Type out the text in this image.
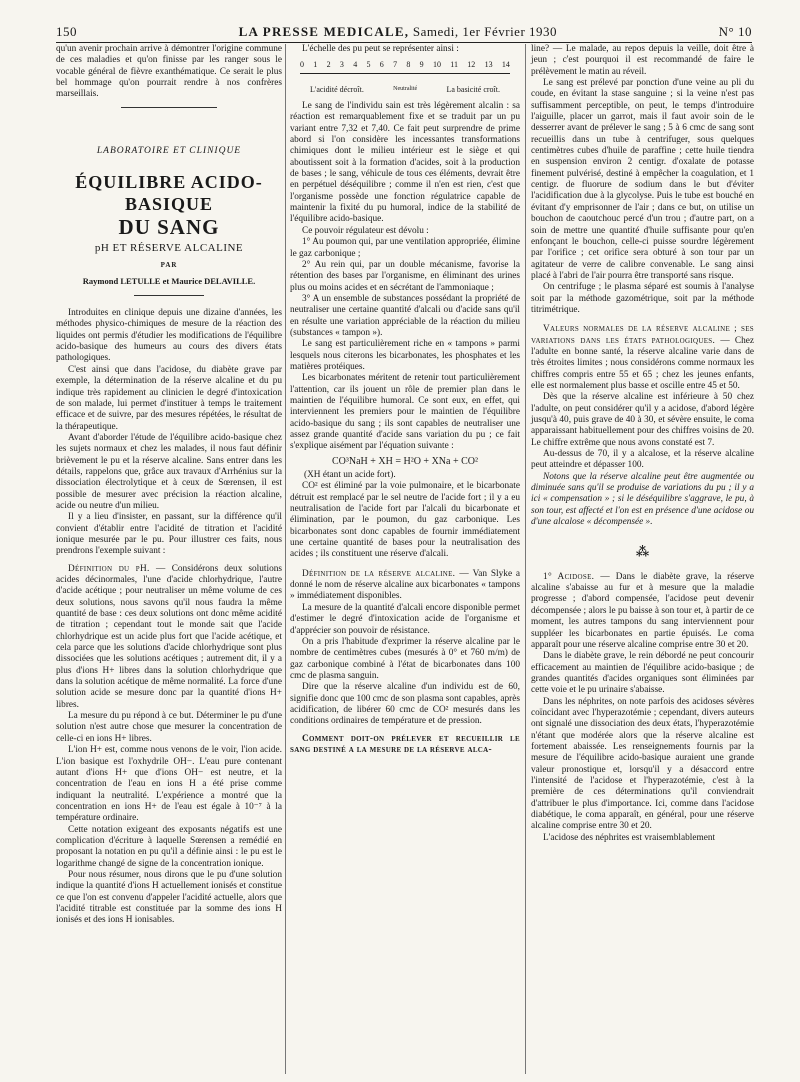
150	LA PRESSE MEDICALE, Samedi, 1er Février 1930	N° 10

qu'un avenir prochain arrive à démontrer l'origine commune de ces maladies et qu'on finisse par les ranger sous le vocable général de fièvre exanthématique. Ce serait le plus bel hommage qu'on pourrait rendre à nos confrères marseillais.

LABORATOIRE ET CLINIQUE
ÉQUILIBRE ACIDO-BASIQUE
DU SANG
pH ET RÉSERVE ALCALINE
PAR
Raymond LETULLE et Maurice DELAVILLE.

Introduites en clinique depuis une dizaine d'années, les méthodes physico-chimiques de mesure de la réaction des liquides ont permis d'étudier les modifications de l'équilibre acido-basique des humeurs au cours des divers états pathologiques.

C'est ainsi que dans l'acidose, du diabète grave par exemple, la détermination de la réserve alcaline et du pu indique très rapidement au clinicien le degré d'intoxication de son malade, lui permet d'instituer à temps le traitement efficace et de suivre, par des mesures répétées, le résultat de la thérapeutique.

Avant d'aborder l'étude de l'équilibre acido-basique chez les sujets normaux et chez les malades, il nous faut définir brièvement le pu et la réserve alcaline. Sans entrer dans les détails, rappelons que, grâce aux travaux d'Arrhénius sur la dissociation électrolytique et à ceux de Sœrensen, il est possible de mesurer avec précision la réaction alcaline, acide ou neutre d'un milieu.

Il y a lieu d'insister, en passant, sur la différence qu'il convient d'établir entre l'acidité de titration et l'acidité ionique mesurée par le pu. Pour illustrer ces faits, nous prendrons l'exemple suivant :

Définition du pH. — Considérons deux solutions acides décinormales, l'une d'acide chlorhydrique, l'autre d'acide acétique ; pour neutraliser un même volume de ces deux solutions, nous savons qu'il nous faudra la même quantité de base : ces deux solutions ont donc même acidité de titration ; cependant tout le monde sait que l'acide chlorhydrique est un acide plus fort que l'acide acétique, et cela parce que les solutions d'acide chlorhydrique sont plus dissociées que les solutions acétiques ; autrement dit, il y a plus d'ions H+ libres dans la solution chlorhydrique que dans la solution acétique de même normalité. La force d'une solution acide se mesure donc par la quantité d'ions H+ libres.

La mesure du pu répond à ce but. Déterminer le pu d'une solution n'est autre chose que mesurer la concentration de celle-ci en ions H+ libres.

L'ion H+ est, comme nous venons de le voir, l'ion acide. L'ion basique est l'oxhydrile OH−. L'eau pure contenant autant d'ions H+ que d'ions OH− est neutre, et la concentration de l'eau en ions H a été prise comme indiquant la neutralité. L'expérience a montré que la concentration en ions H+ de l'eau est égale à 10⁻⁷ à la température ordinaire.

Cette notation exigeant des exposants négatifs est une complication d'écriture à laquelle Sœrensen a remédié en proposant la notation en pu qu'il a définie ainsi : le pu est le logarithme changé de signe de la concentration ionique.

Pour nous résumer, nous dirons que le pu d'une solution indique la quantité d'ions H actuellement ionisés et constitue ce que l'on est convenu d'appeler l'acidité actuelle, alors que l'acidité titrable est constituée par la somme des ions H ionisés et des ions H ionisables.

L'échelle des pu peut se représenter ainsi :

0 1 2 3 4 5 6 7 8 9 10 11 12 13 14
L'acidité décroît.	Neutralité	La basicité croît.

Le sang de l'individu sain est très légèrement alcalin : sa réaction est remarquablement fixe et se traduit par un pu variant entre 7,32 et 7,40. Ce fait peut surprendre de prime abord si l'on considère les incessantes transformations chimiques dont le milieu intérieur est le siège et qui aboutissent soit à la formation d'acides, soit à la production de bases ; le sang, véhicule de tous ces éléments, devrait être en perpétuel déséquilibre ; comme il n'en est rien, c'est que l'organisme possède une fonction régulatrice capable de maintenir la fixité du pu humoral, indice de la stabilité de l'équilibre acido-basique.

Ce pouvoir régulateur est dévolu :

1° Au poumon qui, par une ventilation appropriée, élimine le gaz carbonique ;

2° Au rein qui, par un double mécanisme, favorise la rétention des bases par l'organisme, en éliminant des urines plus ou moins acides et en sécrétant de l'ammoniaque ;

3° A un ensemble de substances possédant la propriété de neutraliser une certaine quantité d'alcali ou d'acide sans qu'il en résulte une variation appréciable de la réaction du milieu (substances « tampon »).

Le sang est particulièrement riche en « tampons » parmi lesquels nous citerons les bicarbonates, les phosphates et les matières protéiques.

Les bicarbonates méritent de retenir tout particulièrement l'attention, car ils jouent un rôle de premier plan dans le maintien de l'équilibre humoral. Ce sont eux, en effet, qui interviennent les premiers pour le maintien de l'équilibre acido-basique du sang ; ils sont capables de neutraliser une assez grande quantité d'acide sans variation du pu ; ce fait s'explique aisément par l'équation suivante :

CO³NaH + XH = H²O + XNa + CO²

(XH étant un acide fort).

CO² est éliminé par la voie pulmonaire, et le bicarbonate détruit est remplacé par le sel neutre de l'acide fort ; il y a eu neutralisation de l'acide fort par l'alcali du bicarbonate et élimination, par le poumon, du gaz carbonique. Les bicarbonates sont donc capables de fournir immédiatement une certaine quantité de bases pour la neutralisation des acides ; ils constituent une réserve d'alcali.

Définition de la réserve alcaline. — Van Slyke a donné le nom de réserve alcaline aux bicarbonates « tampons » immédiatement disponibles.

La mesure de la quantité d'alcali encore disponible permet d'estimer le degré d'intoxication acide de l'organisme et d'apprécier son pouvoir de résistance.

On a pris l'habitude d'exprimer la réserve alcaline par le nombre de centimètres cubes (mesurés à 0° et 760 m/m) de gaz carbonique combiné à l'état de bicarbonates dans 100 cmc de plasma sanguin.

Dire que la réserve alcaline d'un individu est de 60, signifie donc que 100 cmc de son plasma sont capables, après acidification, de libérer 60 cmc de CO² mesurés dans les conditions ordinaires de température et de pression.

Comment doit-on prélever et recueillir le sang destiné a la mesure de la réserve alca-

line? — Le malade, au repos depuis la veille, doit être à jeun ; c'est pourquoi il est recommandé de faire le prélèvement le matin au réveil.

Le sang est prélevé par ponction d'une veine au pli du coude, en évitant la stase sanguine ; si la veine n'est pas suffisamment perceptible, on peut, le temps d'introduire l'aiguille, placer un garrot, mais il faut avoir soin de le desserrer avant de prélever le sang ; 5 à 6 cmc de sang sont recueillis dans un tube à centrifuger, sous quelques centimètres cubes d'huile de paraffine ; cette huile tiendra en suspension environ 2 centigr. d'oxalate de potasse finement pulvérisé, destiné à empêcher la coagulation, et 1 centigr. de fluorure de sodium dans le but d'éviter l'acidification due à la glycolyse. Puis le tube est bouché en évitant d'y emprisonner de l'air ; dans ce but, on utilise un bouchon de caoutchouc percé d'un trou ; d'autre part, on a soin de mettre une quantité d'huile suffisante pour qu'en enfonçant le bouchon, celle-ci puisse sourdre légèrement par l'orifice ; cet orifice sera obturé à son tour par un agitateur de verre de calibre convenable. Le sang ainsi placé à l'abri de l'air pourra être transporté sans risque.

On centrifuge ; le plasma séparé est soumis à l'analyse soit par la méthode gazométrique, soit par la méthode titrimétrique.

Valeurs normales de la réserve alcaline ; ses variations dans les états pathologiques. — Chez l'adulte en bonne santé, la réserve alcaline varie dans de très étroites limites ; nous considérons comme normaux les chiffres compris entre 55 et 65 ; chez les jeunes enfants, elle est normalement plus basse et oscille entre 45 et 50.

Dès que la réserve alcaline est inférieure à 50 chez l'adulte, on peut considérer qu'il y a acidose, d'abord légère jusqu'à 40, puis grave de 40 à 30, et sévère ensuite, le coma apparaissant habituellement pour des chiffres voisins de 20. Le chiffre extrême que nous avons constaté est 7.

Au-dessus de 70, il y a alcalose, et la réserve alcaline peut atteindre et dépasser 100.

Notons que la réserve alcaline peut être augmentée ou diminuée sans qu'il se produise de variations du pu ; il y a ici « compensation » ; si le déséquilibre s'aggrave, le pu, à son tour, est affecté et l'on est en présence d'une acidose ou d'une alcalose « décompensée ».

⁂

1° Acidose. — Dans le diabète grave, la réserve alcaline s'abaisse au fur et à mesure que la maladie progresse ; d'abord compensée, l'acidose peut devenir décompensée ; alors le pu baisse à son tour et, à partir de ce moment, les autres tampons du sang interviennent pour suppléer les bicarbonates en partie épuisés. Le coma apparaît pour une réserve alcaline comprise entre 30 et 20.

Dans le diabète grave, le rein débordé ne peut concourir efficacement au maintien de l'équilibre acido-basique ; de grandes quantités d'acides organiques sont éliminées par cette voie et le pu urinaire s'abaisse.

Dans les néphrites, on note parfois des acidoses sévères coïncidant avec l'hyperazotémie ; cependant, divers auteurs ont signalé une dissociation des deux états, l'hyperazotémie n'étant que modérée alors que la réserve alcaline est fortement abaissée. Les renseignements fournis par la mesure de l'équilibre acido-basique auraient une grande valeur pronostique et, lorsqu'il y a désaccord entre l'intensité de l'acidose et l'hyperazotémie, c'est à la première de ces déterminations qu'il conviendrait d'attribuer le plus d'importance. Ici, comme dans l'acidose diabétique, le coma apparaît, en général, pour une réserve alcaline comprise entre 30 et 20.

L'acidose des néphrites est vraisemblablement
